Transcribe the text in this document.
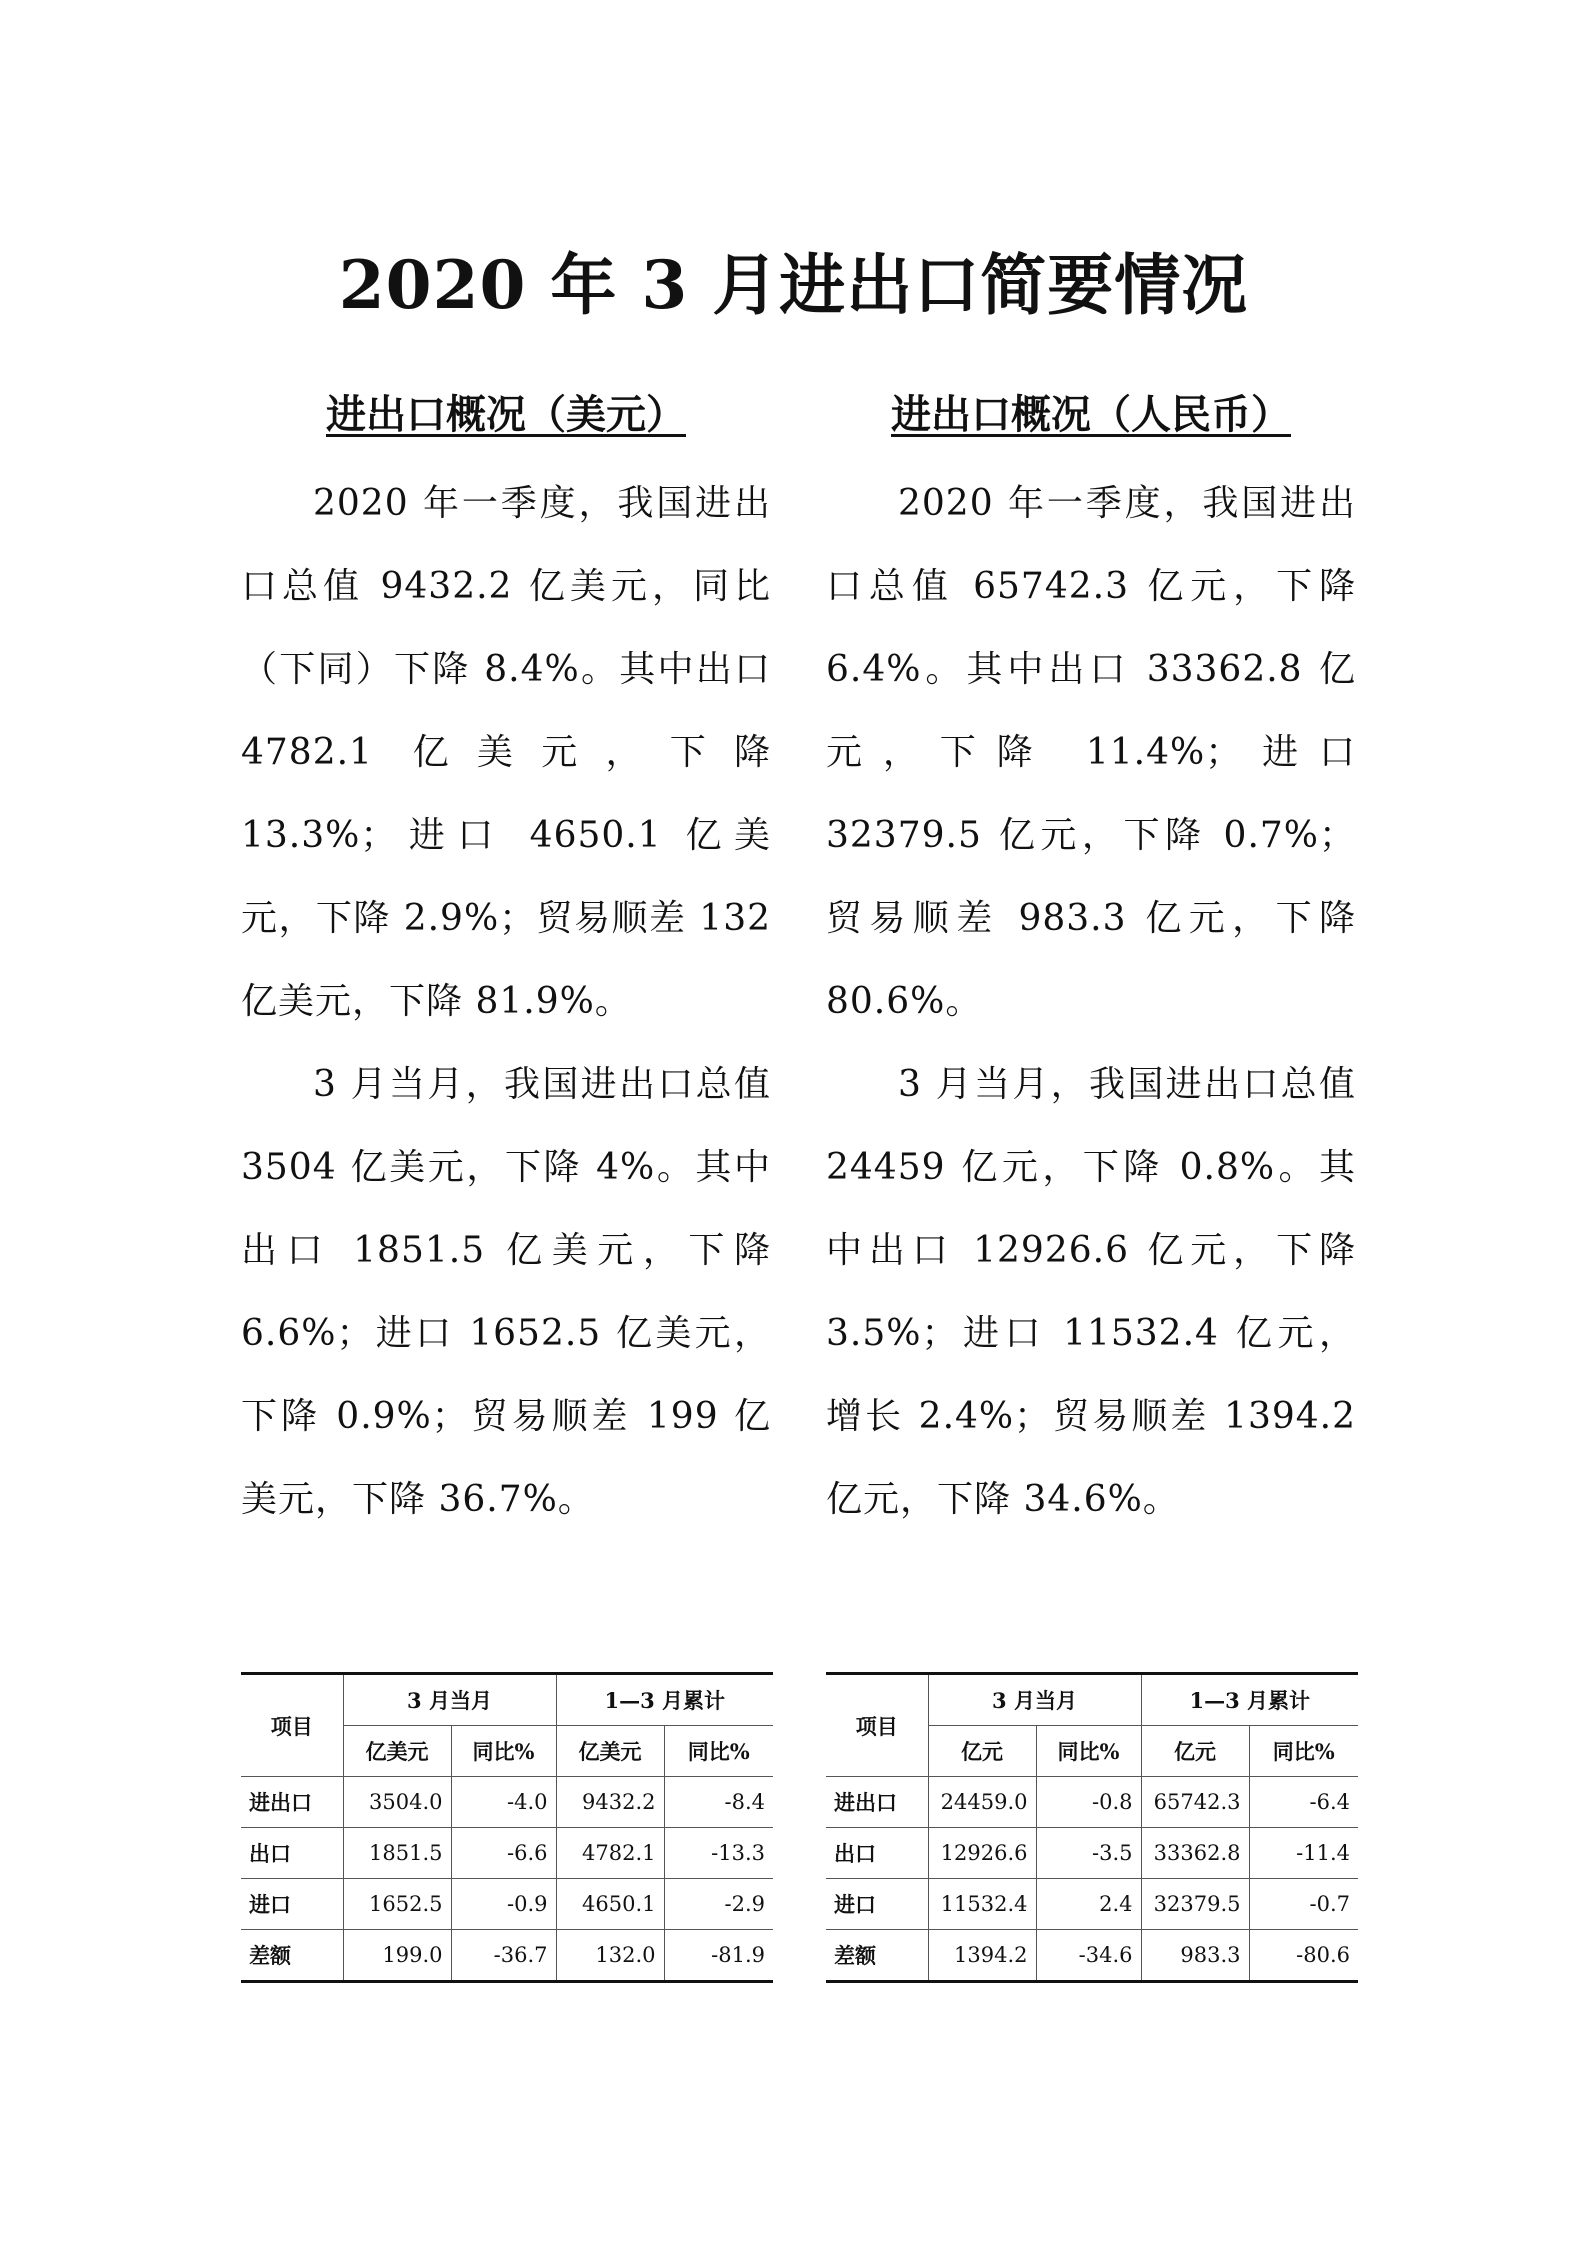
2020 年 3 月进出口简要情况
进出口概况（美元）

2020 年一季度，我国进出口总值 9432.2 亿美元，同比（下同）下降 8.4%。其中出口 4782.1 亿美元，下降 13.3%；进口 4650.1 亿美元，下降 2.9%；贸易顺差 132 亿美元，下降 81.9%。

3 月当月，我国进出口总值 3504 亿美元，下降 4%。其中出口 1851.5 亿美元，下降 6.6%；进口 1652.5 亿美元，下降 0.9%；贸易顺差 199 亿美元，下降 36.7%。

进出口概况（人民币）

2020 年一季度，我国进出口总值 65742.3 亿元，下降 6.4%。其中出口 33362.8 亿元，下降 11.4%；进口 32379.5 亿元，下降 0.7%；贸易顺差 983.3 亿元，下降 80.6%。

3 月当月，我国进出口总值 24459 亿元，下降 0.8%。其中出口 12926.6 亿元，下降 3.5%；进口 11532.4 亿元，增长 2.4%；贸易顺差 1394.2 亿元，下降 34.6%。

项目	3 月当月		1—3 月累计	
	亿美元	同比%	亿美元	同比%
进出口	3504.0	-4.0	9432.2	-8.4
出口	1851.5	-6.6	4782.1	-13.3
进口	1652.5	-0.9	4650.1	-2.9
差额	199.0	-36.7	132.0	-81.9
项目	3 月当月		1—3 月累计	
	亿元	同比%	亿元	同比%
进出口	24459.0	-0.8	65742.3	-6.4
出口	12926.6	-3.5	33362.8	-11.4
进口	11532.4	2.4	32379.5	-0.7
差额	1394.2	-34.6	983.3	-80.6
